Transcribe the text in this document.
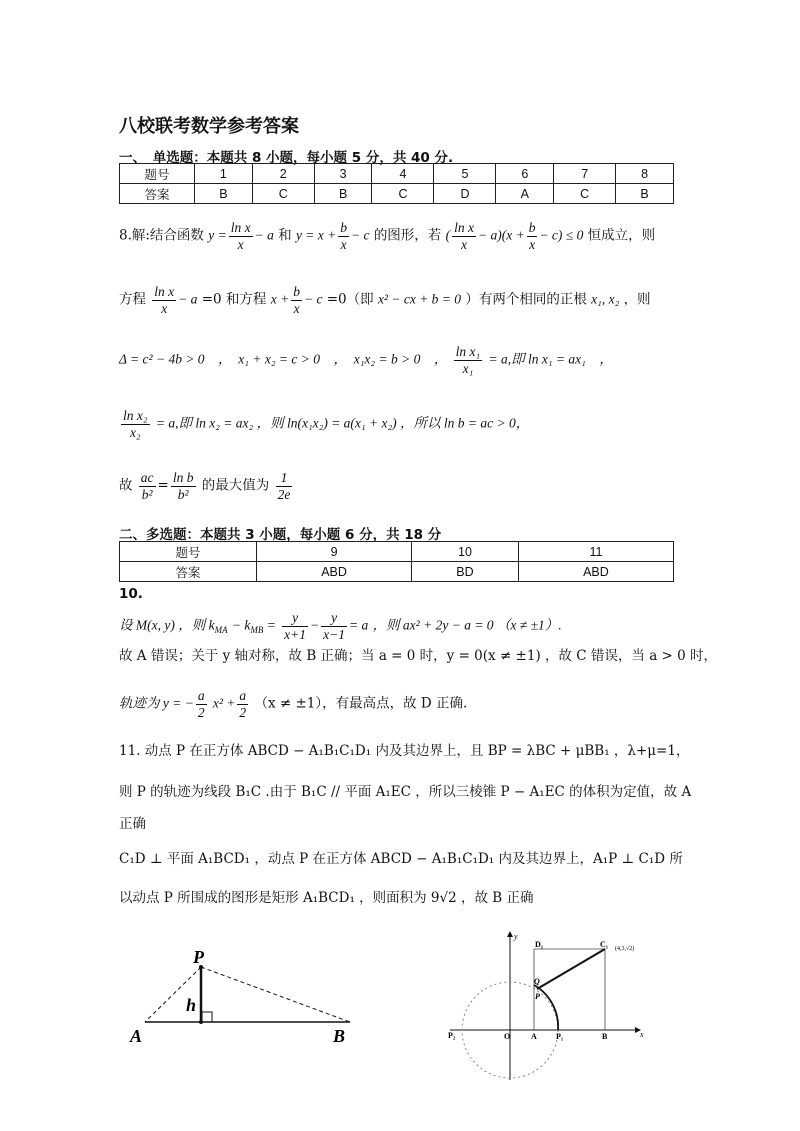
八校联考数学参考答案
一、　单选题：本题共 8 小题，每小题 5 分，共 40 分.
题号	1	2	3	4	5	6	7	8
答案	B	C	B	C	D	A	C	B
8.解:结合函数 $y = \frac{\text{ln x}}{x} - a$ 和 $y = x + \frac{b}{x} - c$ 的图形，若 ( $\frac{\text{ln x}}{x} - a)(x + \frac{b}{x} - c) \le 0$ 恒成立，则
方程 $\frac{\text{ln x}}{x} - a =0$ 和方程 $x + \frac{b}{x} - c =0$（即 x² − cx + b = 0 ）有两个相同的正根 x₁, x₂ ，则
Δ = c² − 4b > 0　，　x₁ + x₂ = c > 0　，　x₁x₂ = b > 0　， $\frac{\text{ln x₁}}{\text{x₁}} = a$,即 ln x₁ = ax₁　，
$\frac{\text{ln x₂}}{\text{x₂}} = a$,即 ln x₂ = ax₂ ，则 ln(x₁x₂) = a(x₁ + x₂) ，所以 ln b = ac > 0，
故 $\frac{ac}{\text{b²}} = \frac{\text{ln b}}{\text{b²}}$ 的最大值为 $\frac{1}{2e}$
二、多选题：本题共 3 小题，每小题 6 分，共 18 分
题号	9	10	11
答案	ABD	BD	ABD
10.
设 M(x, y) ，则 $k_{MA} - k_{MB} = \frac{y}{x+1} - \frac{y}{x-1} = a$ ，则 ax² + 2y − a = 0 （x ≠ ±1）.
故 A 错误；关于 y 轴对称，故 B 正确；当 a = 0 时，y = 0(x ≠ ±1) ，故 C 错误，当 a > 0 时，
轨迹为 y = − $\frac{a}{2} x^2 + \frac{a}{2} (x \ne \pm 1)$，有最高点，故 D 正确.
11. 动点 P 在正方体 ABCD − A₁B₁C₁D₁ 内及其边界上，且 BP = λBC + μBB₁ ，λ+μ=1，
则 P 的轨迹为线段 B₁C .由于 B₁C // 平面 A₁EC ，所以三棱锥 P − A₁EC 的体积为定值，故 A
正确
C₁D ⊥ 平面 A₁BCD₁ ，动点 P 在正方体 ABCD − A₁B₁C₁D₁ 内及其边界上，A₁P ⊥ C₁D 所
以动点 P 所围成的图形是矩形 A₁BCD₁ ，则面积为 9√2 ，故 B 正确
P
h
A	B
y
x
D₁	C₁ (4,3,√2)
Q
P
P₂	O	A P₁	B
